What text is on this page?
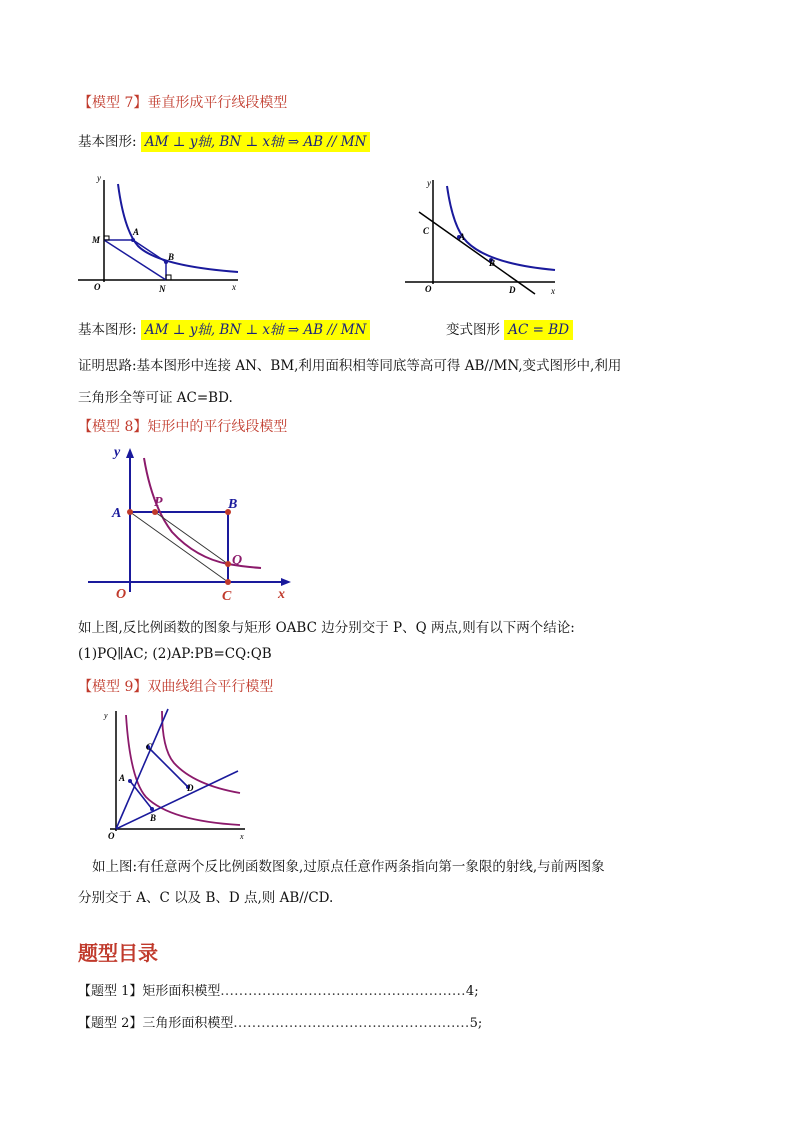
【模型 7】垂直形成平行线段模型
基本图形: AM ⊥ y轴, BN ⊥ x轴 ⇒ AB // MN
y
x
O
M
A
B
N
y
x
O
C
A
B
D
基本图形: AM ⊥ y轴, BN ⊥ x轴 ⇒ AB // MN	变式图形 AC = BD
证明思路:基本图形中连接 AN、BM,利用面积相等同底等高可得 AB//MN,变式图形中,利用
三角形全等可证 AC=BD.
【模型 8】矩形中的平行线段模型
y
x
O
A
P	B
Q
C
如上图,反比例函数的图象与矩形 OABC 边分别交于 P、Q 两点,则有以下两个结论:
(1)PQ∥AC; (2)AP:PB=CQ:QB
【模型 9】双曲线组合平行模型
y
x
O
A
B
C
D
如上图:有任意两个反比例函数图象,过原点任意作两条指向第一象限的射线,与前两图象
分别交于 A、C 以及 B、D 点,则 AB//CD.
题型目录
【题型 1】矩形面积模型.....................................................4;
【题型 2】三角形面积模型...................................................5;
